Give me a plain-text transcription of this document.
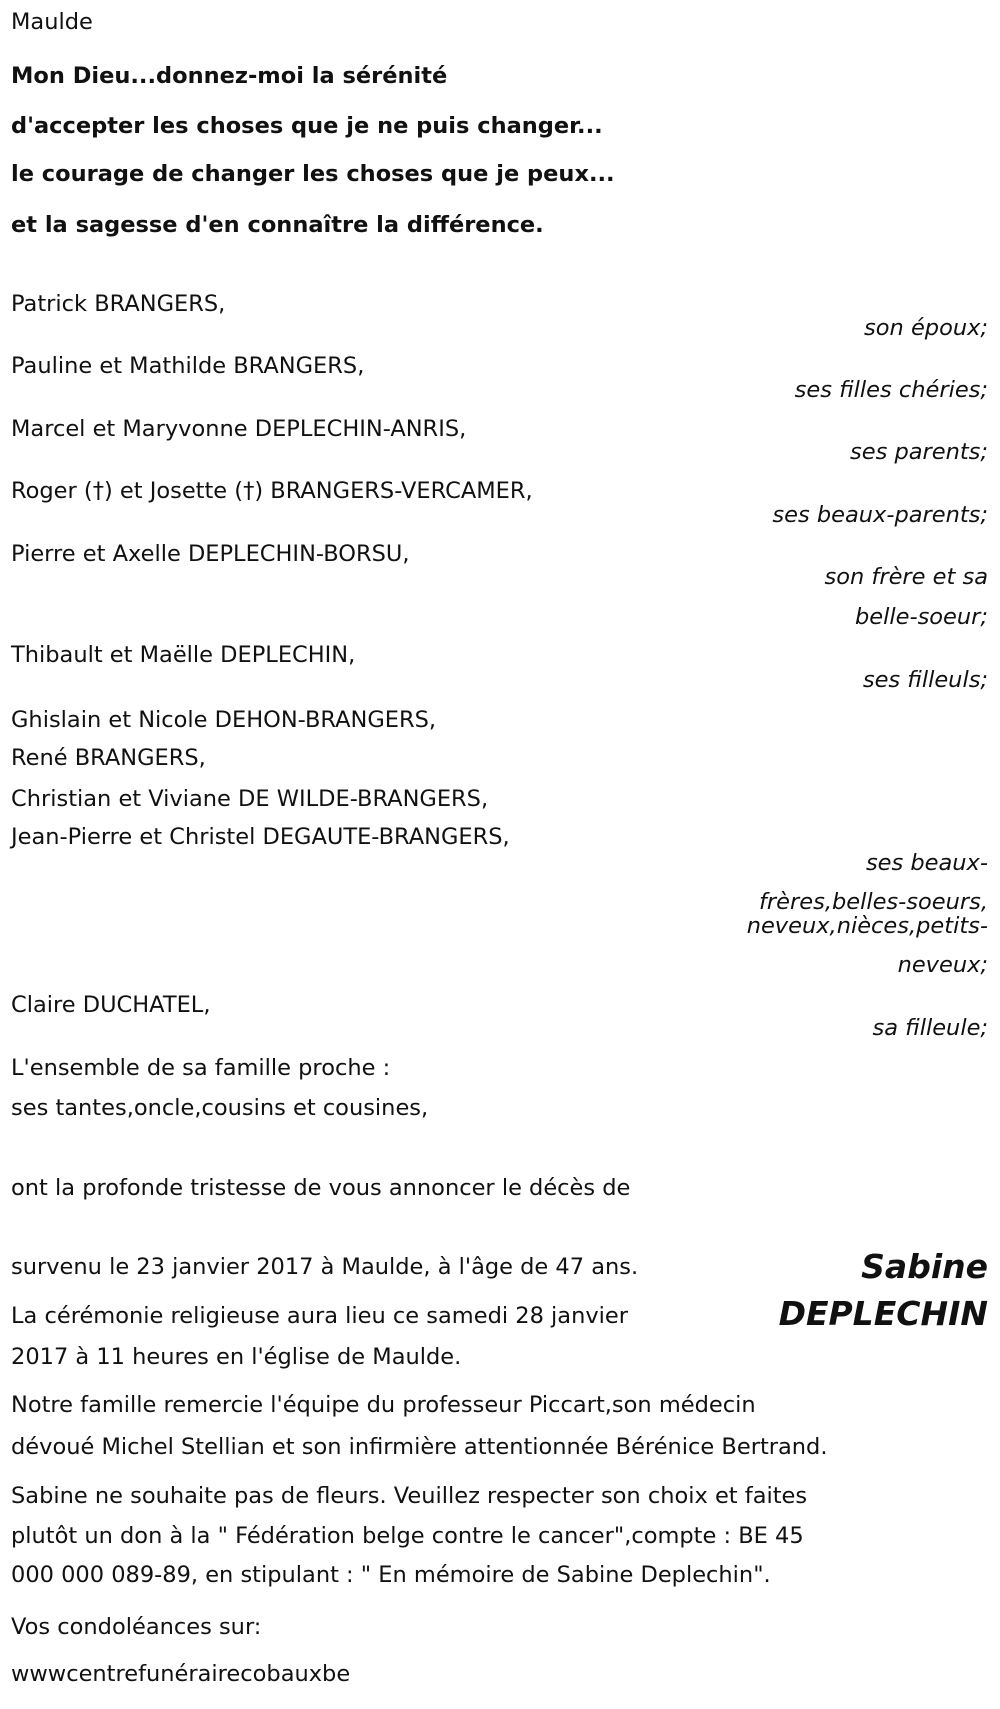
Maulde
Mon Dieu...donnez-moi la sérénité
d'accepter les choses que je ne puis changer...
le courage de changer les choses que je peux...
et la sagesse d'en connaître la différence.
Patrick BRANGERS,
son époux;
Pauline et Mathilde BRANGERS,
ses filles chéries;
Marcel et Maryvonne DEPLECHIN-ANRIS,
ses parents;
Roger (†) et Josette (†) BRANGERS-VERCAMER,
ses beaux-parents;
Pierre et Axelle DEPLECHIN-BORSU,
son frère et sa
belle-soeur;
Thibault et Maëlle DEPLECHIN,
ses filleuls;
Ghislain et Nicole DEHON-BRANGERS,
René BRANGERS,
Christian et Viviane DE WILDE-BRANGERS,
Jean-Pierre et Christel DEGAUTE-BRANGERS,
ses beaux-
frères,belles-soeurs,
neveux,nièces,petits-
neveux;
Claire DUCHATEL,
sa filleule;
L'ensemble de sa famille proche :
ses tantes,oncle,cousins et cousines,
ont la profonde tristesse de vous annoncer le décès de
Sabine
DEPLECHIN
survenu le 23 janvier 2017 à Maulde, à l'âge de 47 ans.
La cérémonie religieuse aura lieu ce samedi 28 janvier
2017 à 11 heures en l'église de Maulde.
Notre famille remercie l'équipe du professeur Piccart,son médecin
dévoué Michel Stellian et son infirmière attentionnée Bérénice Bertrand.
Sabine ne souhaite pas de fleurs. Veuillez respecter son choix et faites
plutôt un don à la " Fédération belge contre le cancer",compte : BE 45
000 000 089-89, en stipulant : " En mémoire de Sabine Deplechin".
Vos condoléances sur:
wwwcentrefunérairecobauxbe
